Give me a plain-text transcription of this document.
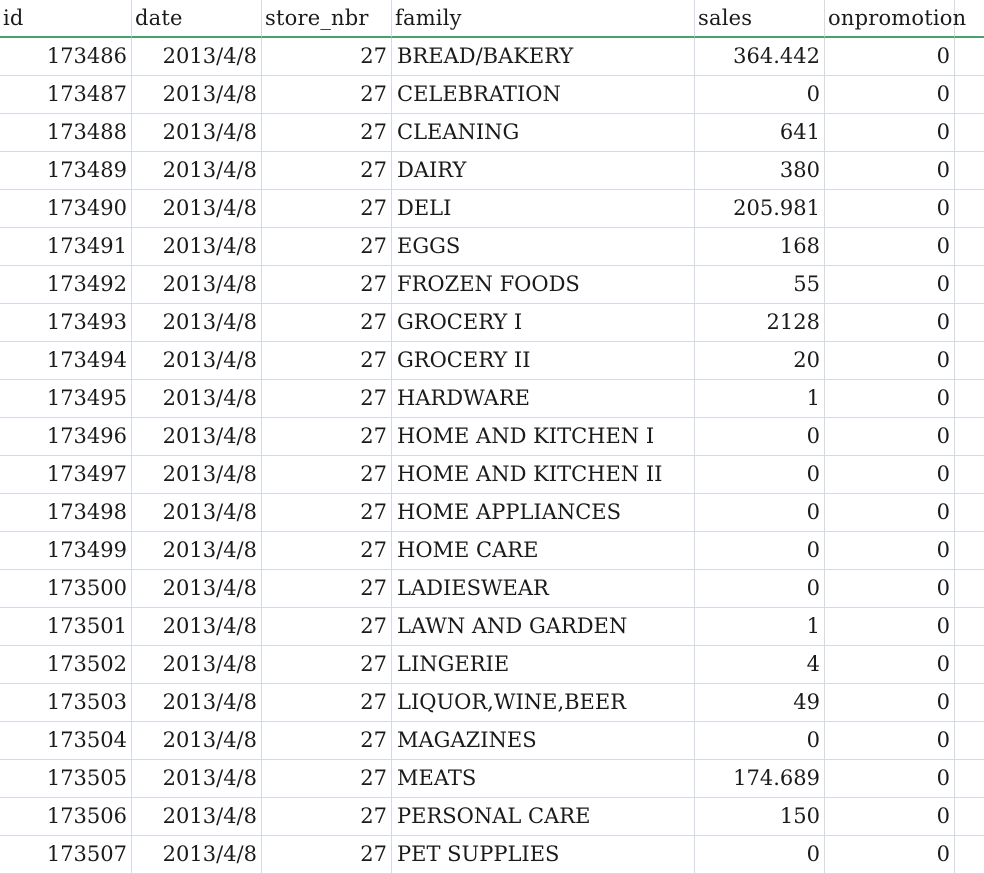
id	date	store_nbr	family	sales	onpromotion
173486	2013/4/8	27 BREAD/BAKERY	364.442	0
173487	2013/4/8	27 CELEBRATION	0	0
173488	2013/4/8	27 CLEANING	641	0
173489	2013/4/8	27 DAIRY	380	0
173490	2013/4/8	27 DELI	205.981	0
173491	2013/4/8	27 EGGS	168	0
173492	2013/4/8	27 FROZEN FOODS	55	0
173493	2013/4/8	27 GROCERY I	2128	0
173494	2013/4/8	27 GROCERY II	20	0
173495	2013/4/8	27 HARDWARE	1	0
173496	2013/4/8	27 HOME AND KITCHEN I	0	0
173497	2013/4/8	27 HOME AND KITCHEN II	0	0
173498	2013/4/8	27 HOME APPLIANCES	0	0
173499	2013/4/8	27 HOME CARE	0	0
173500	2013/4/8	27 LADIESWEAR	0	0
173501	2013/4/8	27 LAWN AND GARDEN	1	0
173502	2013/4/8	27 LINGERIE	4	0
173503	2013/4/8	27 LIQUOR,WINE,BEER	49	0
173504	2013/4/8	27 MAGAZINES	0	0
173505	2013/4/8	27 MEATS	174.689	0
173506	2013/4/8	27 PERSONAL CARE	150	0
173507	2013/4/8	27 PET SUPPLIES	0	0
